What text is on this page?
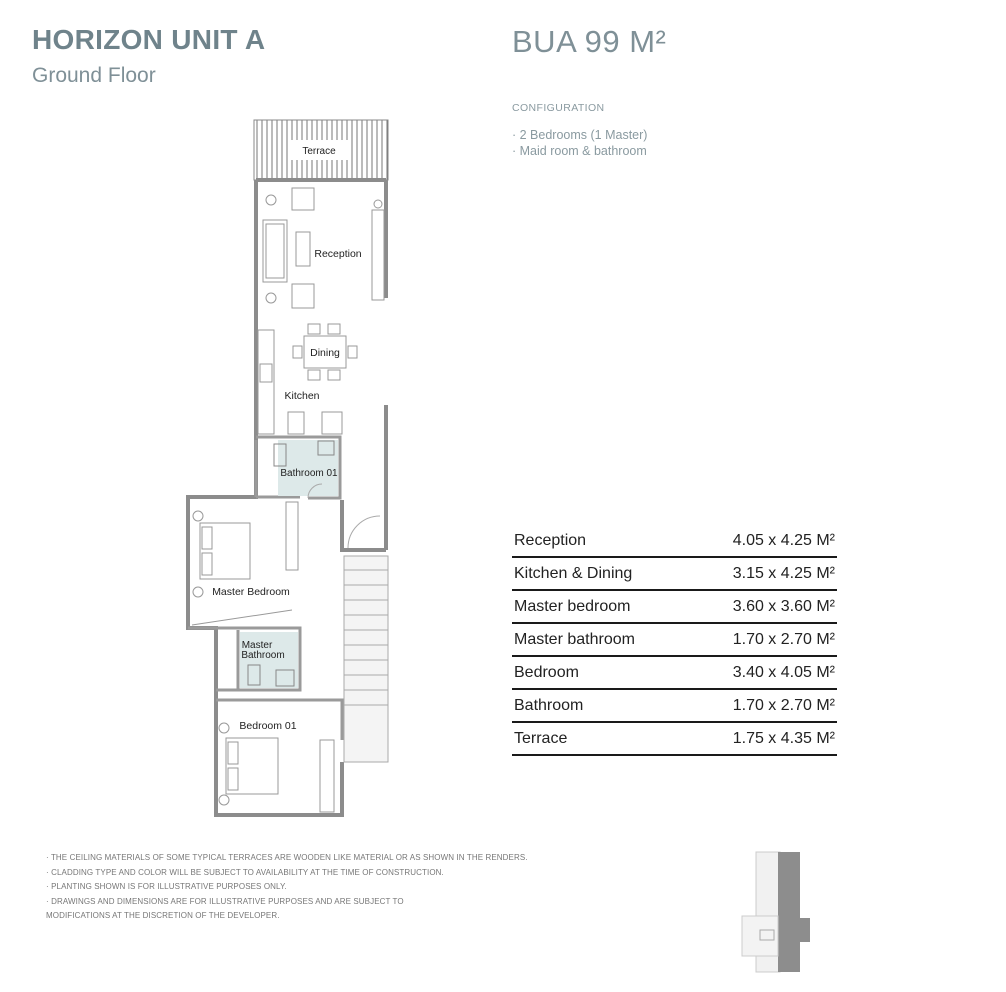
HORIZON UNIT A
Ground Floor
BUA 99 M²
CONFIGURATION
· 2 Bedrooms (1 Master)
· Maid room & bathroom
Terrace
Bathroom 01
Master
Bathroom
Reception
Dining
Kitchen
Master Bedroom
Bedroom 01
Reception	4.05 x 4.25 M²
Kitchen & Dining	3.15 x 4.25 M²
Master bedroom	3.60 x 3.60 M²
Master bathroom	1.70 x 2.70 M²
Bedroom	3.40 x 4.05 M²
Bathroom	1.70 x 2.70 M²
Terrace	1.75 x 4.35 M²
· THE CEILING MATERIALS OF SOME TYPICAL TERRACES ARE WOODEN LIKE MATERIAL OR AS SHOWN IN THE RENDERS.
· CLADDING TYPE AND COLOR WILL BE SUBJECT TO AVAILABILITY AT THE TIME OF CONSTRUCTION.
· PLANTING SHOWN IS FOR ILLUSTRATIVE PURPOSES ONLY.
· DRAWINGS AND DIMENSIONS ARE FOR ILLUSTRATIVE PURPOSES AND ARE SUBJECT TO
MODIFICATIONS AT THE DISCRETION OF THE DEVELOPER.
